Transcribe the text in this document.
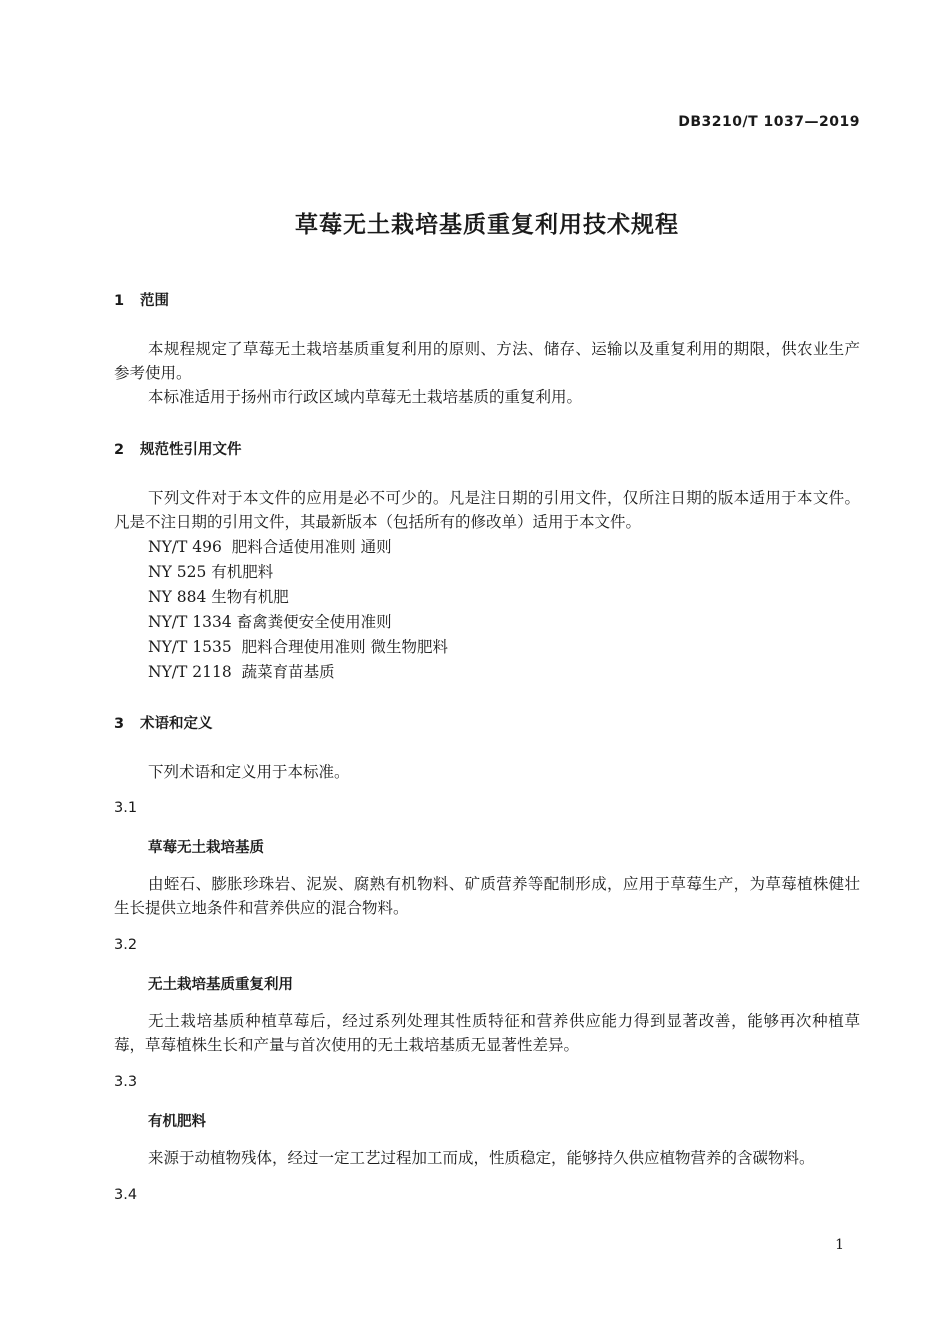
DB3210/T 1037—2019
草莓无土栽培基质重复利用技术规程
1 范围
本规程规定了草莓无土栽培基质重复利用的原则、方法、储存、运输以及重复利用的期限，供农业生产参考使用。
本标准适用于扬州市行政区域内草莓无土栽培基质的重复利用。
2 规范性引用文件
下列文件对于本文件的应用是必不可少的。凡是注日期的引用文件，仅所注日期的版本适用于本文件。凡是不注日期的引用文件，其最新版本（包括所有的修改单）适用于本文件。
NY/T 496  肥料合适使用准则 通则
NY 525 有机肥料
NY 884 生物有机肥
NY/T 1334 畜禽粪便安全使用准则
NY/T 1535  肥料合理使用准则 微生物肥料
NY/T 2118  蔬菜育苗基质
3 术语和定义
下列术语和定义用于本标准。
3.1
草莓无土栽培基质
由蛭石、膨胀珍珠岩、泥炭、腐熟有机物料、矿质营养等配制形成，应用于草莓生产，为草莓植株健壮生长提供立地条件和营养供应的混合物料。
3.2
无土栽培基质重复利用
无土栽培基质种植草莓后，经过系列处理其性质特征和营养供应能力得到显著改善，能够再次种植草莓，草莓植株生长和产量与首次使用的无土栽培基质无显著性差异。
3.3
有机肥料
来源于动植物残体，经过一定工艺过程加工而成，性质稳定，能够持久供应植物营养的含碳物料。
3.4
1
